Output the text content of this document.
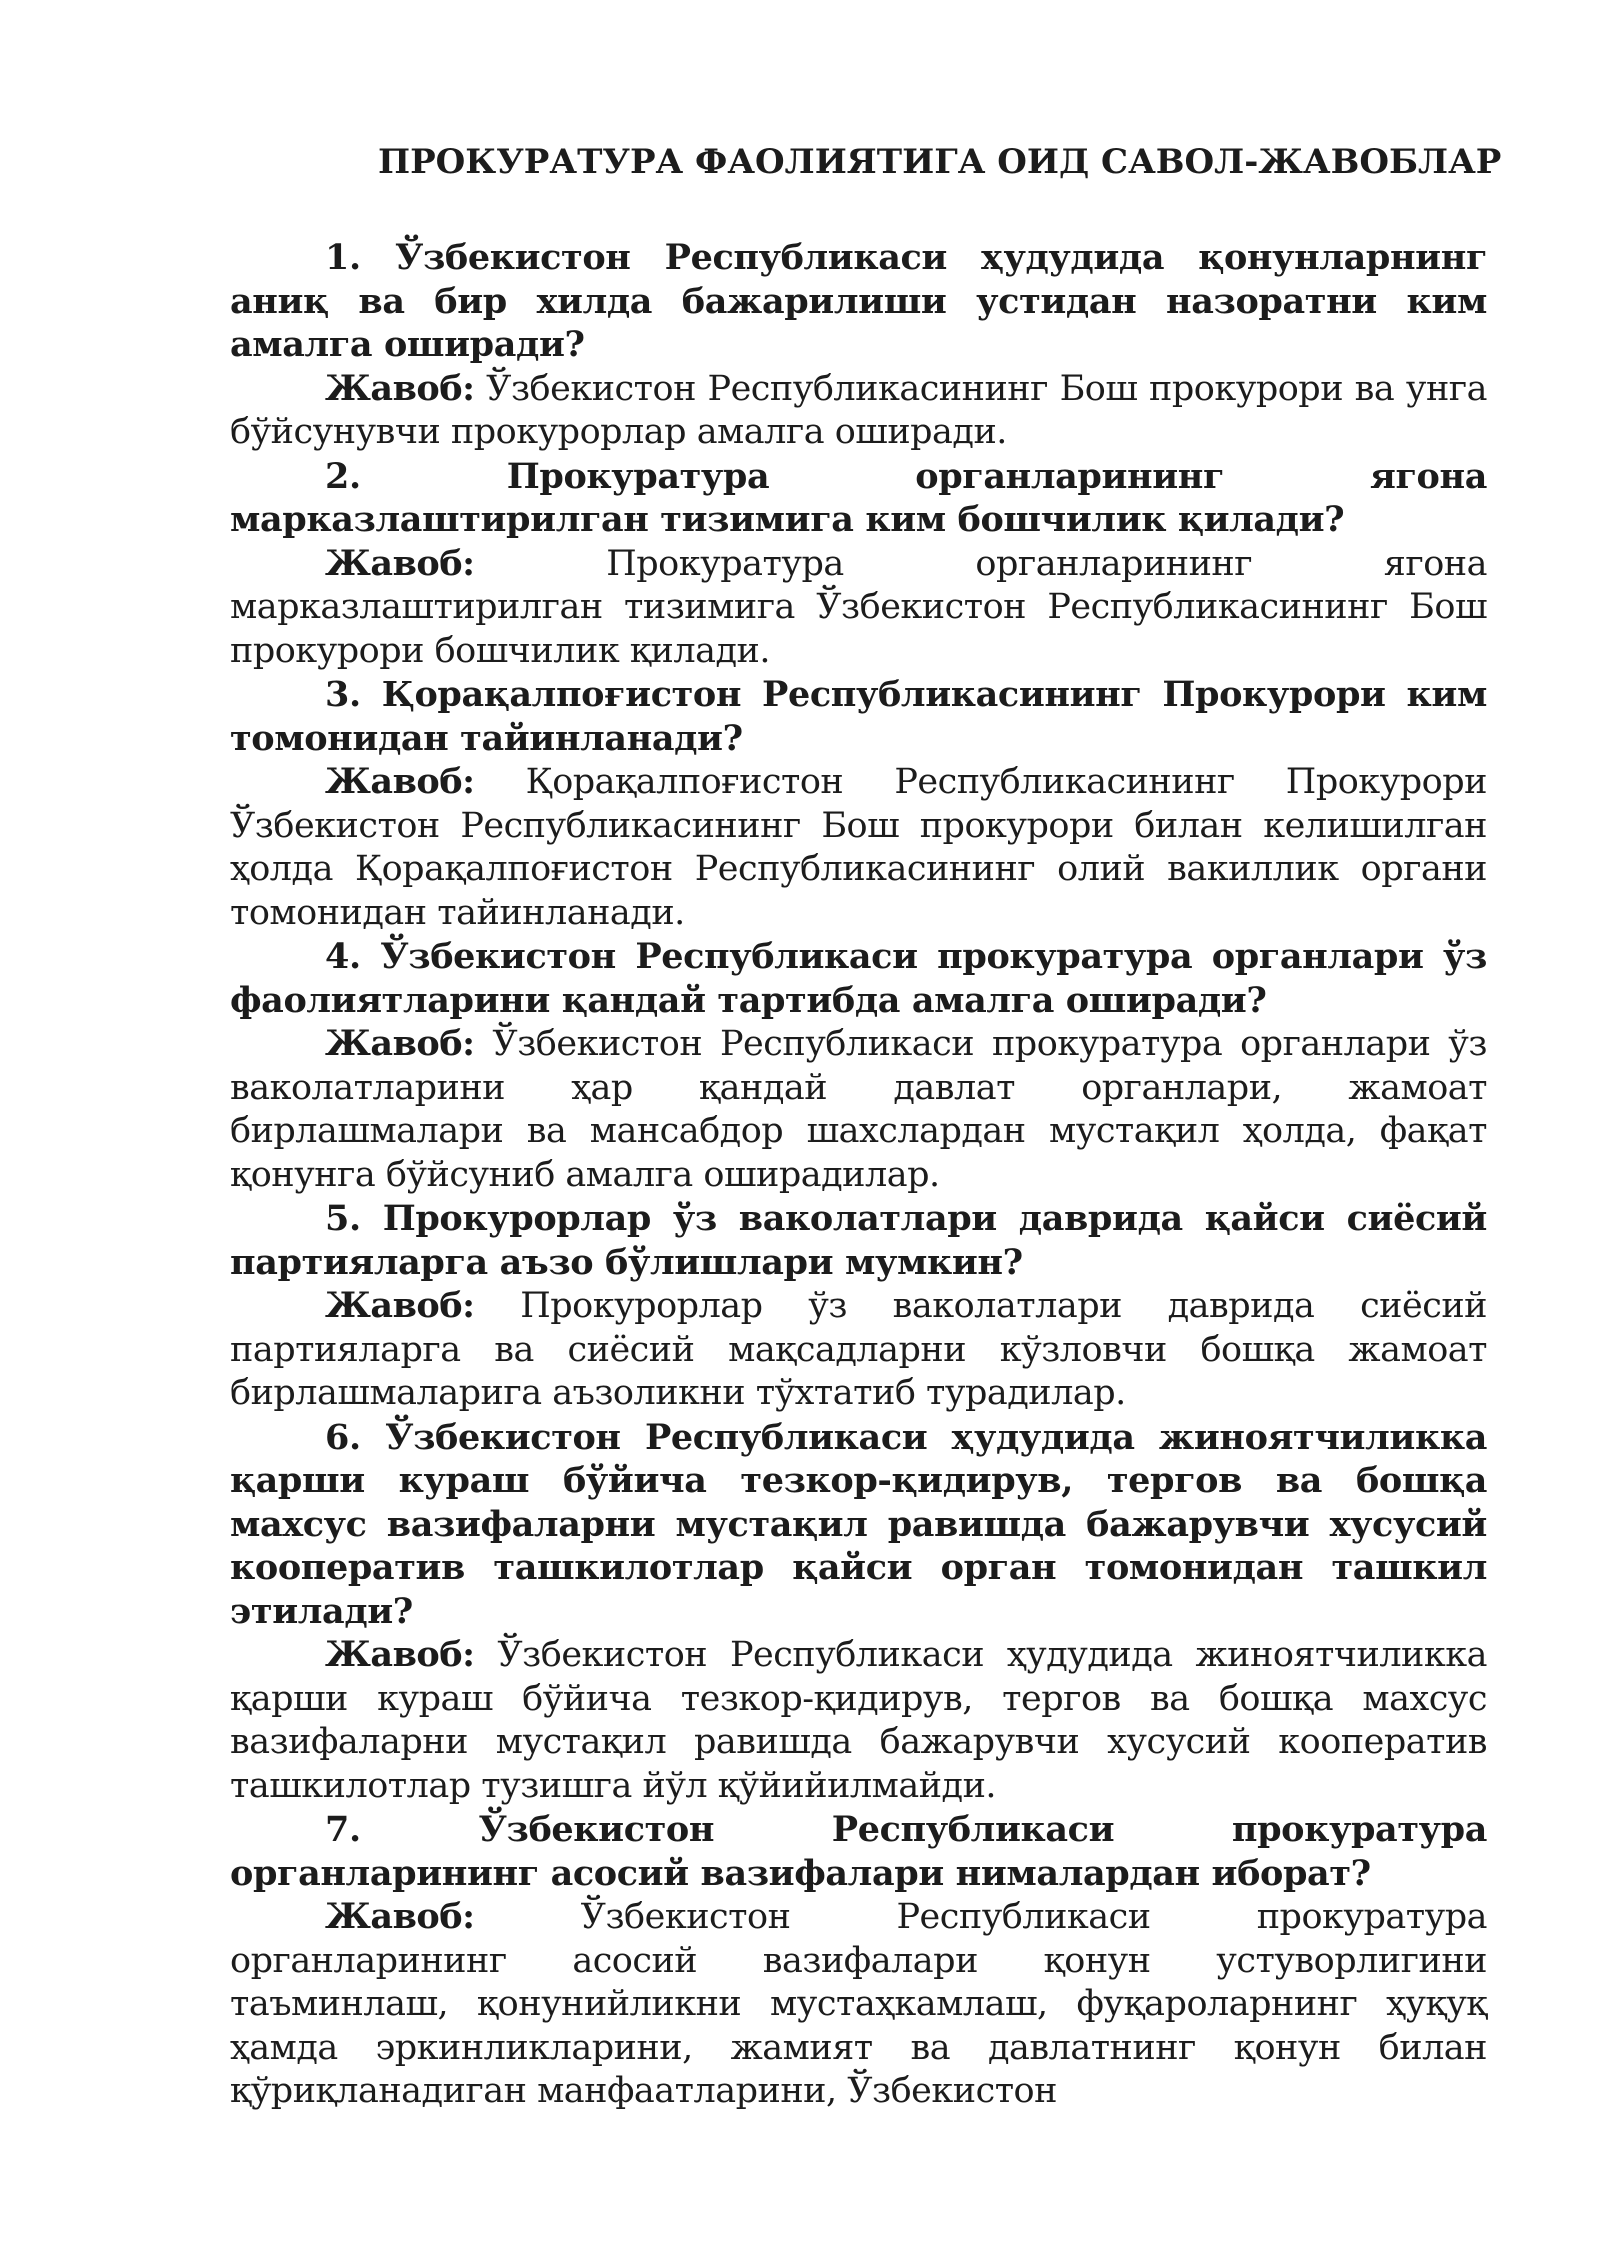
ПРОКУРАТУРА ФАОЛИЯТИГА ОИД САВОЛ-ЖАВОБЛАР

1. Ўзбекистон Республикаси ҳудудида қонунларнинг аниқ ва бир хилда бажарилиши устидан назоратни ким амалга оширади?

Жавоб: Ўзбекистон Республикасининг Бош прокурори ва унга бўйсунувчи прокурорлар амалга оширади.

2.	Прокуратура органларининг ягона марказлаштирилган тизимига ким бошчилик қилади?

Жавоб:	Прокуратура органларининг ягона марказлаштирилган тизимига Ўзбекистон Республикасининг Бош прокурори бошчилик қилади.

3. Қорақалпоғистон Республикасининг Прокурори ким томонидан тайинланади?

Жавоб: Қорақалпоғистон Республикасининг Прокурори Ўзбекистон Республикасининг Бош прокурори билан келишилган ҳолда Қорақалпоғистон Республикасининг олий вакиллик органи томонидан тайинланади.

4. Ўзбекистон Республикаси прокуратура органлари ўз фаолиятларини қандай тартибда амалга оширади?

Жавоб: Ўзбекистон Республикаси прокуратура органлари ўз ваколатларини ҳар қандай давлат органлари, жамоат бирлашмалари ва мансабдор шахслардан мустақил ҳолда, фақат қонунга бўйсуниб амалга оширадилар.

5. Прокурорлар ўз ваколатлари даврида қайси сиёсий партияларга аъзо бўлишлари мумкин?

Жавоб: Прокурорлар ўз ваколатлари даврида сиёсий партияларга ва сиёсий мақсадларни кўзловчи бошқа жамоат бирлашмаларига аъзоликни тўхтатиб турадилар.

6. Ўзбекистон Республикаси ҳудудида жиноятчиликка қарши кураш бўйича тезкор-қидирув, тергов ва бошқа махсус вазифаларни мустақил равишда бажарувчи хусусий кооператив ташкилотлар қайси орган томонидан ташкил этилади?

Жавоб: Ўзбекистон Республикаси ҳудудида жиноятчиликка қарши кураш бўйича тезкор-қидирув, тергов ва бошқа махсус вазифаларни мустақил равишда бажарувчи хусусий кооператив ташкилотлар тузишга йўл қўйийилмайди.

7.	Ўзбекистон Республикаси прокуратура органларининг асосий вазифалари нималардан иборат?

Жавоб:	Ўзбекистон Республикаси прокуратура органларининг асосий вазифалари қонун устуворлигини таъминлаш, қонунийликни мустаҳкамлаш, фуқароларнинг ҳуқуқ ҳамда эркинликларини, жамият ва давлатнинг қонун билан қўриқланадиган манфаатларини, Ўзбекистон
